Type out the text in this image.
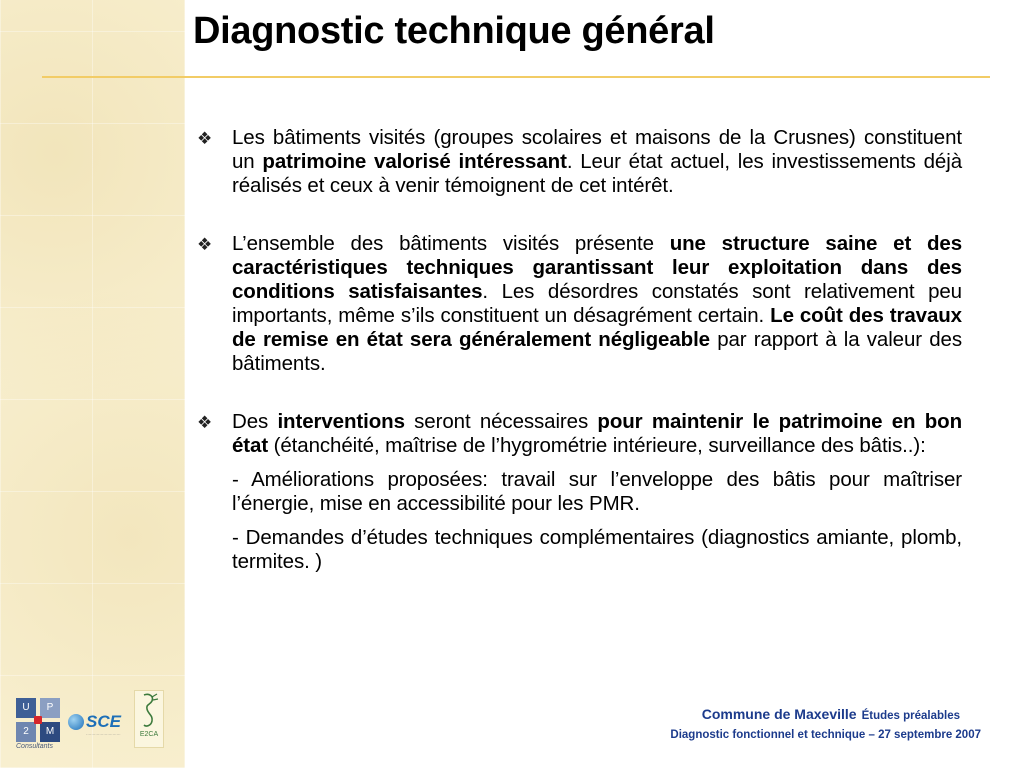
Diagnostic technique général
❖ Les bâtiments visités (groupes scolaires et maisons de la Crusnes) constituent un patrimoine valorisé intéressant. Leur état actuel, les investissements déjà réalisés et ceux à venir témoignent de cet intérêt.

❖ L’ensemble des bâtiments visités présente une structure saine et des caractéristiques techniques garantissant leur exploitation dans des conditions satisfaisantes. Les désordres constatés sont relativement peu importants, même s’ils constituent un désagrément certain. Le coût des travaux de remise en état sera généralement négligeable par rapport à la valeur des bâtiments.

❖ Des interventions seront nécessaires pour maintenir le patrimoine en bon état (étanchéité, maîtrise de l’hygrométrie intérieure, surveillance des bâtis..):

- Améliorations proposées: travail sur l’enveloppe des bâtis pour maîtriser l’énergie, mise en accessibilité pour les PMR.

- Demandes d’études techniques complémentaires (diagnostics amiante, plomb, termites. )

U	P
2	M
Consultants
SCE
··························	E2CA
Commune de Maxeville Études préalables
Diagnostic fonctionnel et technique – 27 septembre 2007
